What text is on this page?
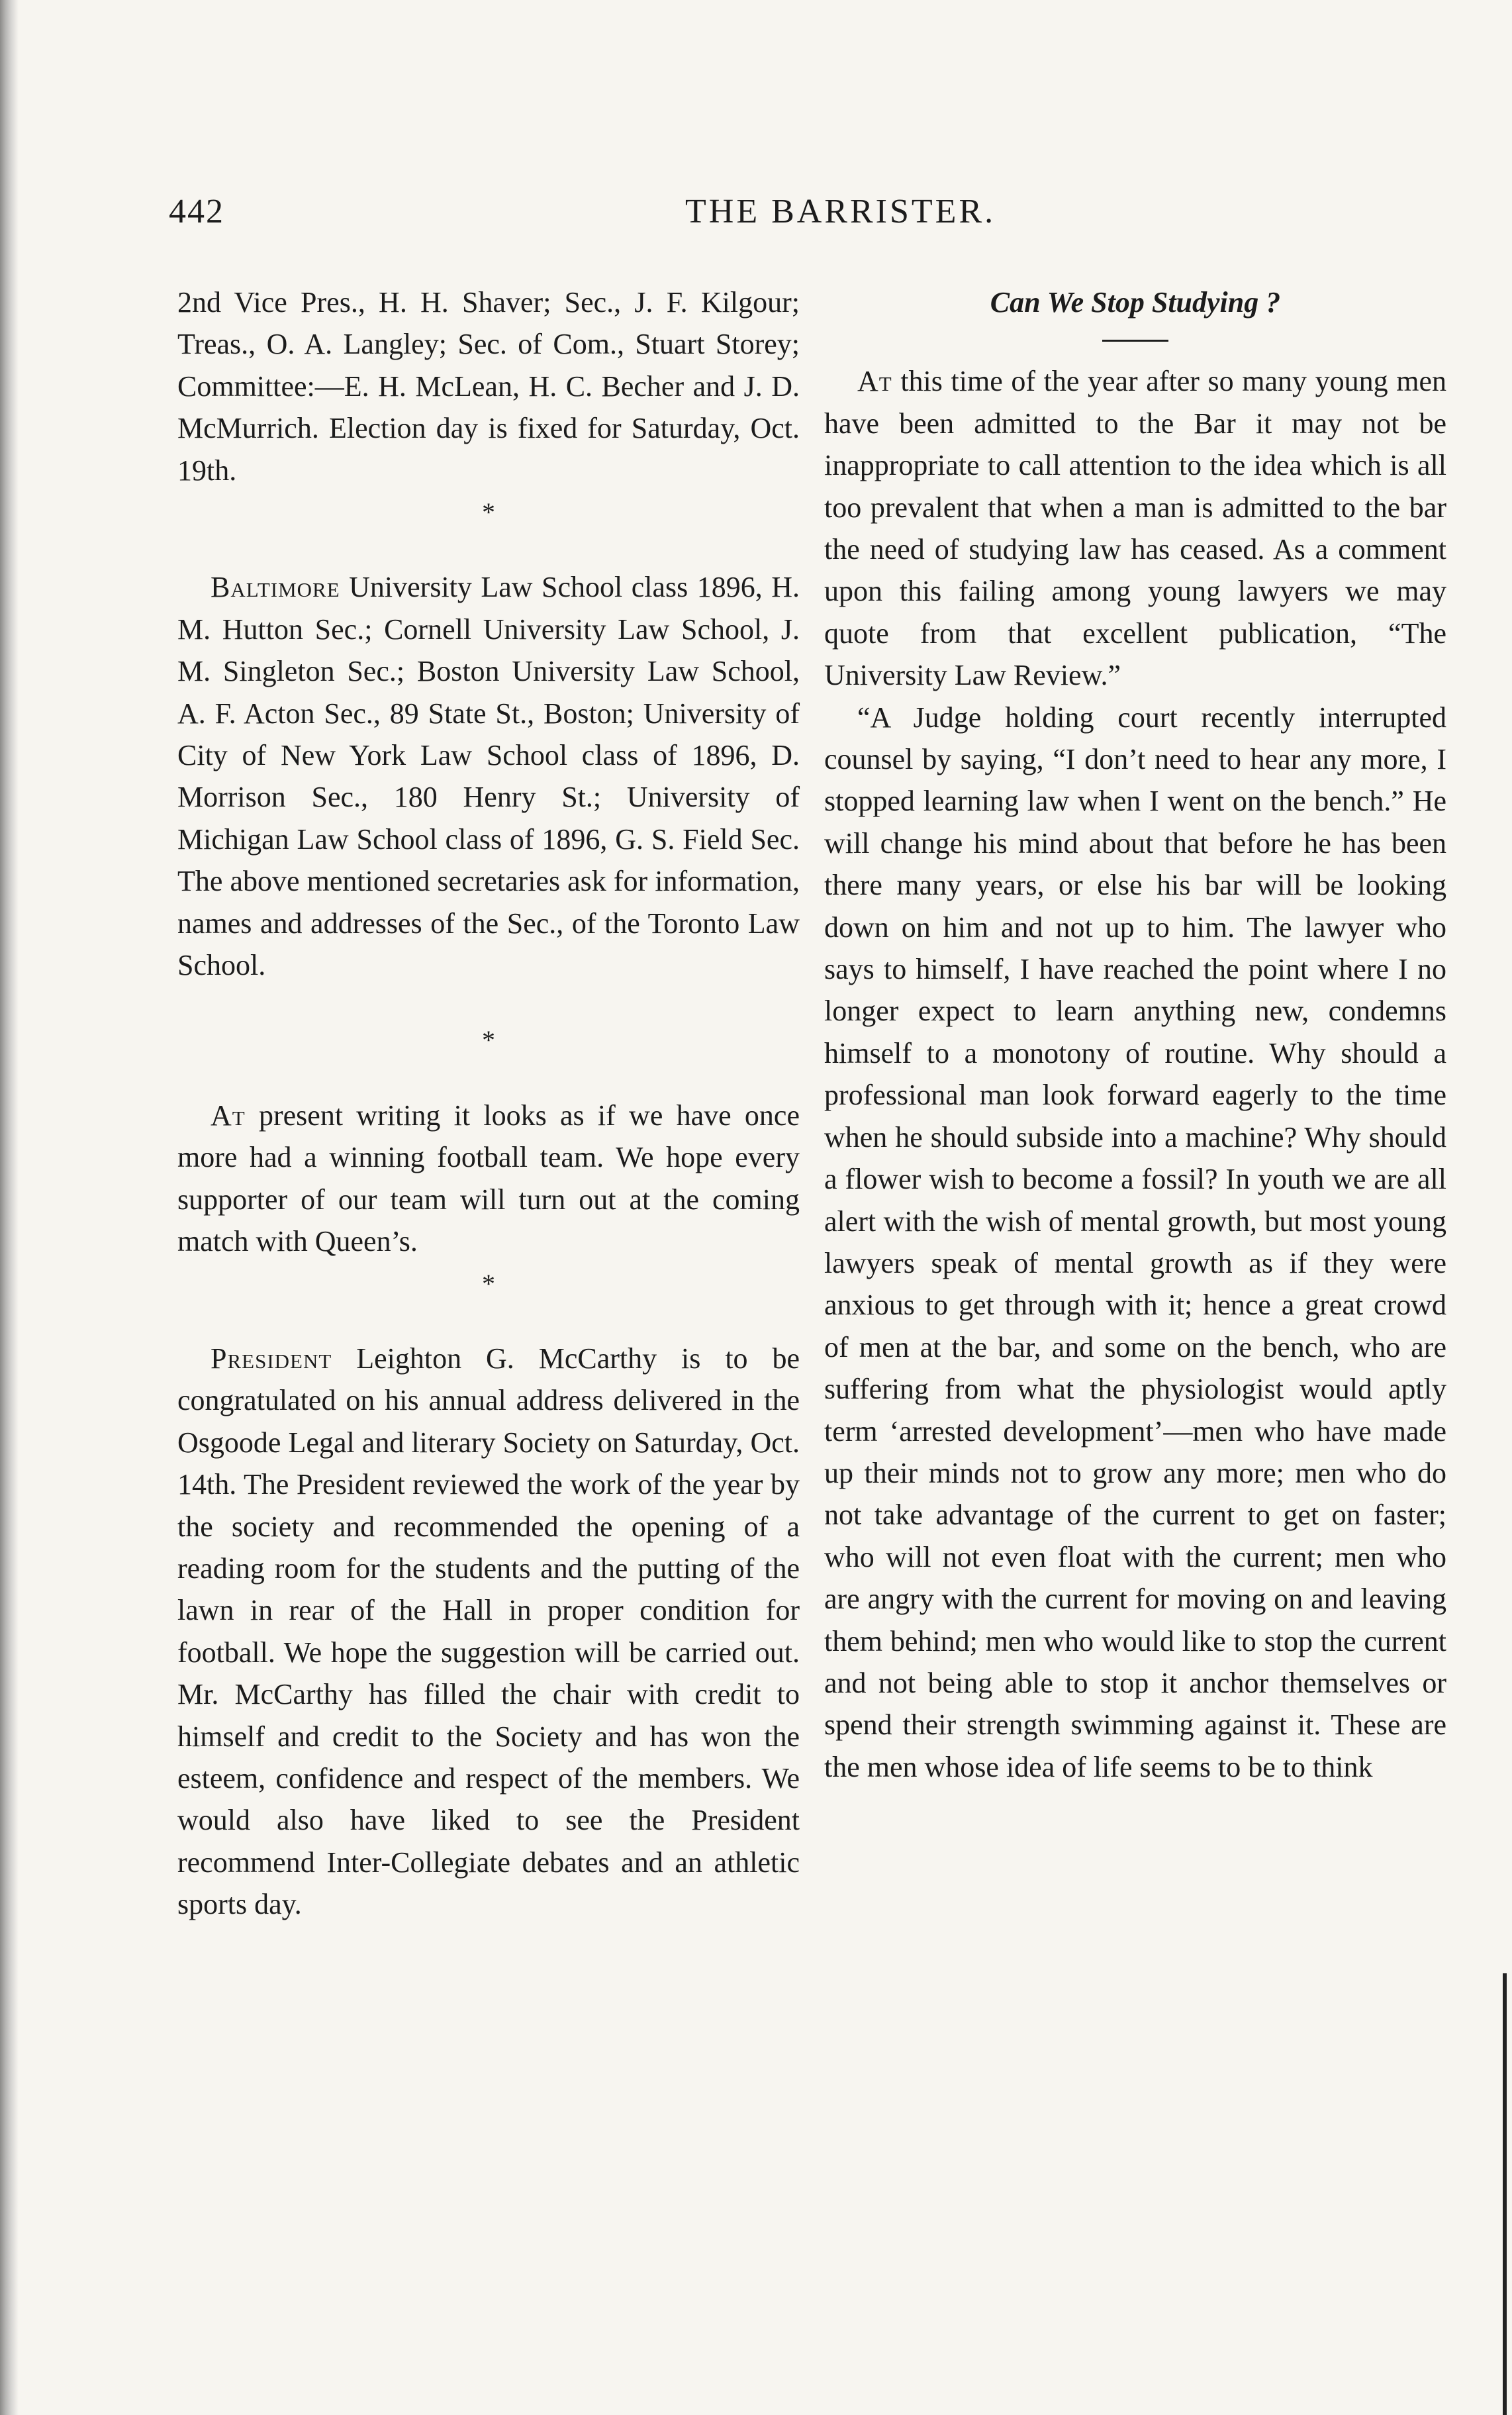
442	THE BARRISTER.

2nd Vice Pres., H. H. Shaver; Sec., J. F. Kilgour; Treas., O. A. Langley; Sec. of Com., Stuart Storey; Committee:—E. H. McLean, H. C. Becher and J. D. McMurrich. Election day is fixed for Saturday, Oct. 19th.

*

Baltimore University Law School class 1896, H. M. Hutton Sec.; Cornell University Law School, J. M. Singleton Sec.; Boston University Law School, A. F. Acton Sec., 89 State St., Boston; University of City of New York Law School class of 1896, D. Morrison Sec., 180 Henry St.; University of Michigan Law School class of 1896, G. S. Field Sec. The above mentioned secretaries ask for information, names and addresses of the Sec., of the Toronto Law School.

*

At present writing it looks as if we have once more had a winning football team. We hope every supporter of our team will turn out at the coming match with Queen’s.

*

President Leighton G. McCarthy is to be congratulated on his annual address delivered in the Osgoode Legal and literary Society on Saturday, Oct. 14th. The President reviewed the work of the year by the society and recommended the opening of a reading room for the students and the putting of the lawn in rear of the Hall in proper condition for football. We hope the suggestion will be carried out. Mr. McCarthy has filled the chair with credit to himself and credit to the Society and has won the esteem, confidence and respect of the members. We would also have liked to see the President recommend Inter-Collegiate debates and an athletic sports day.

Can We Stop Studying ?

At this time of the year after so many young men have been admitted to the Bar it may not be inappropriate to call attention to the idea which is all too prevalent that when a man is admitted to the bar the need of studying law has ceased. As a comment upon this failing among young lawyers we may quote from that excellent publication, “The University Law Review.”

“A Judge holding court recently interrupted counsel by saying, “I don’t need to hear any more, I stopped learning law when I went on the bench.” He will change his mind about that before he has been there many years, or else his bar will be looking down on him and not up to him. The lawyer who says to himself, I have reached the point where I no longer expect to learn anything new, condemns himself to a monotony of routine. Why should a professional man look forward eagerly to the time when he should subside into a machine? Why should a flower wish to become a fossil? In youth we are all alert with the wish of mental growth, but most young lawyers speak of mental growth as if they were anxious to get through with it; hence a great crowd of men at the bar, and some on the bench, who are suffering from what the physiologist would aptly term ‘arrested development’—men who have made up their minds not to grow any more; men who do not take advantage of the current to get on faster; who will not even float with the current; men who are angry with the current for moving on and leaving them behind; men who would like to stop the current and not being able to stop it anchor themselves or spend their strength swimming against it. These are the men whose idea of life seems to be to think
